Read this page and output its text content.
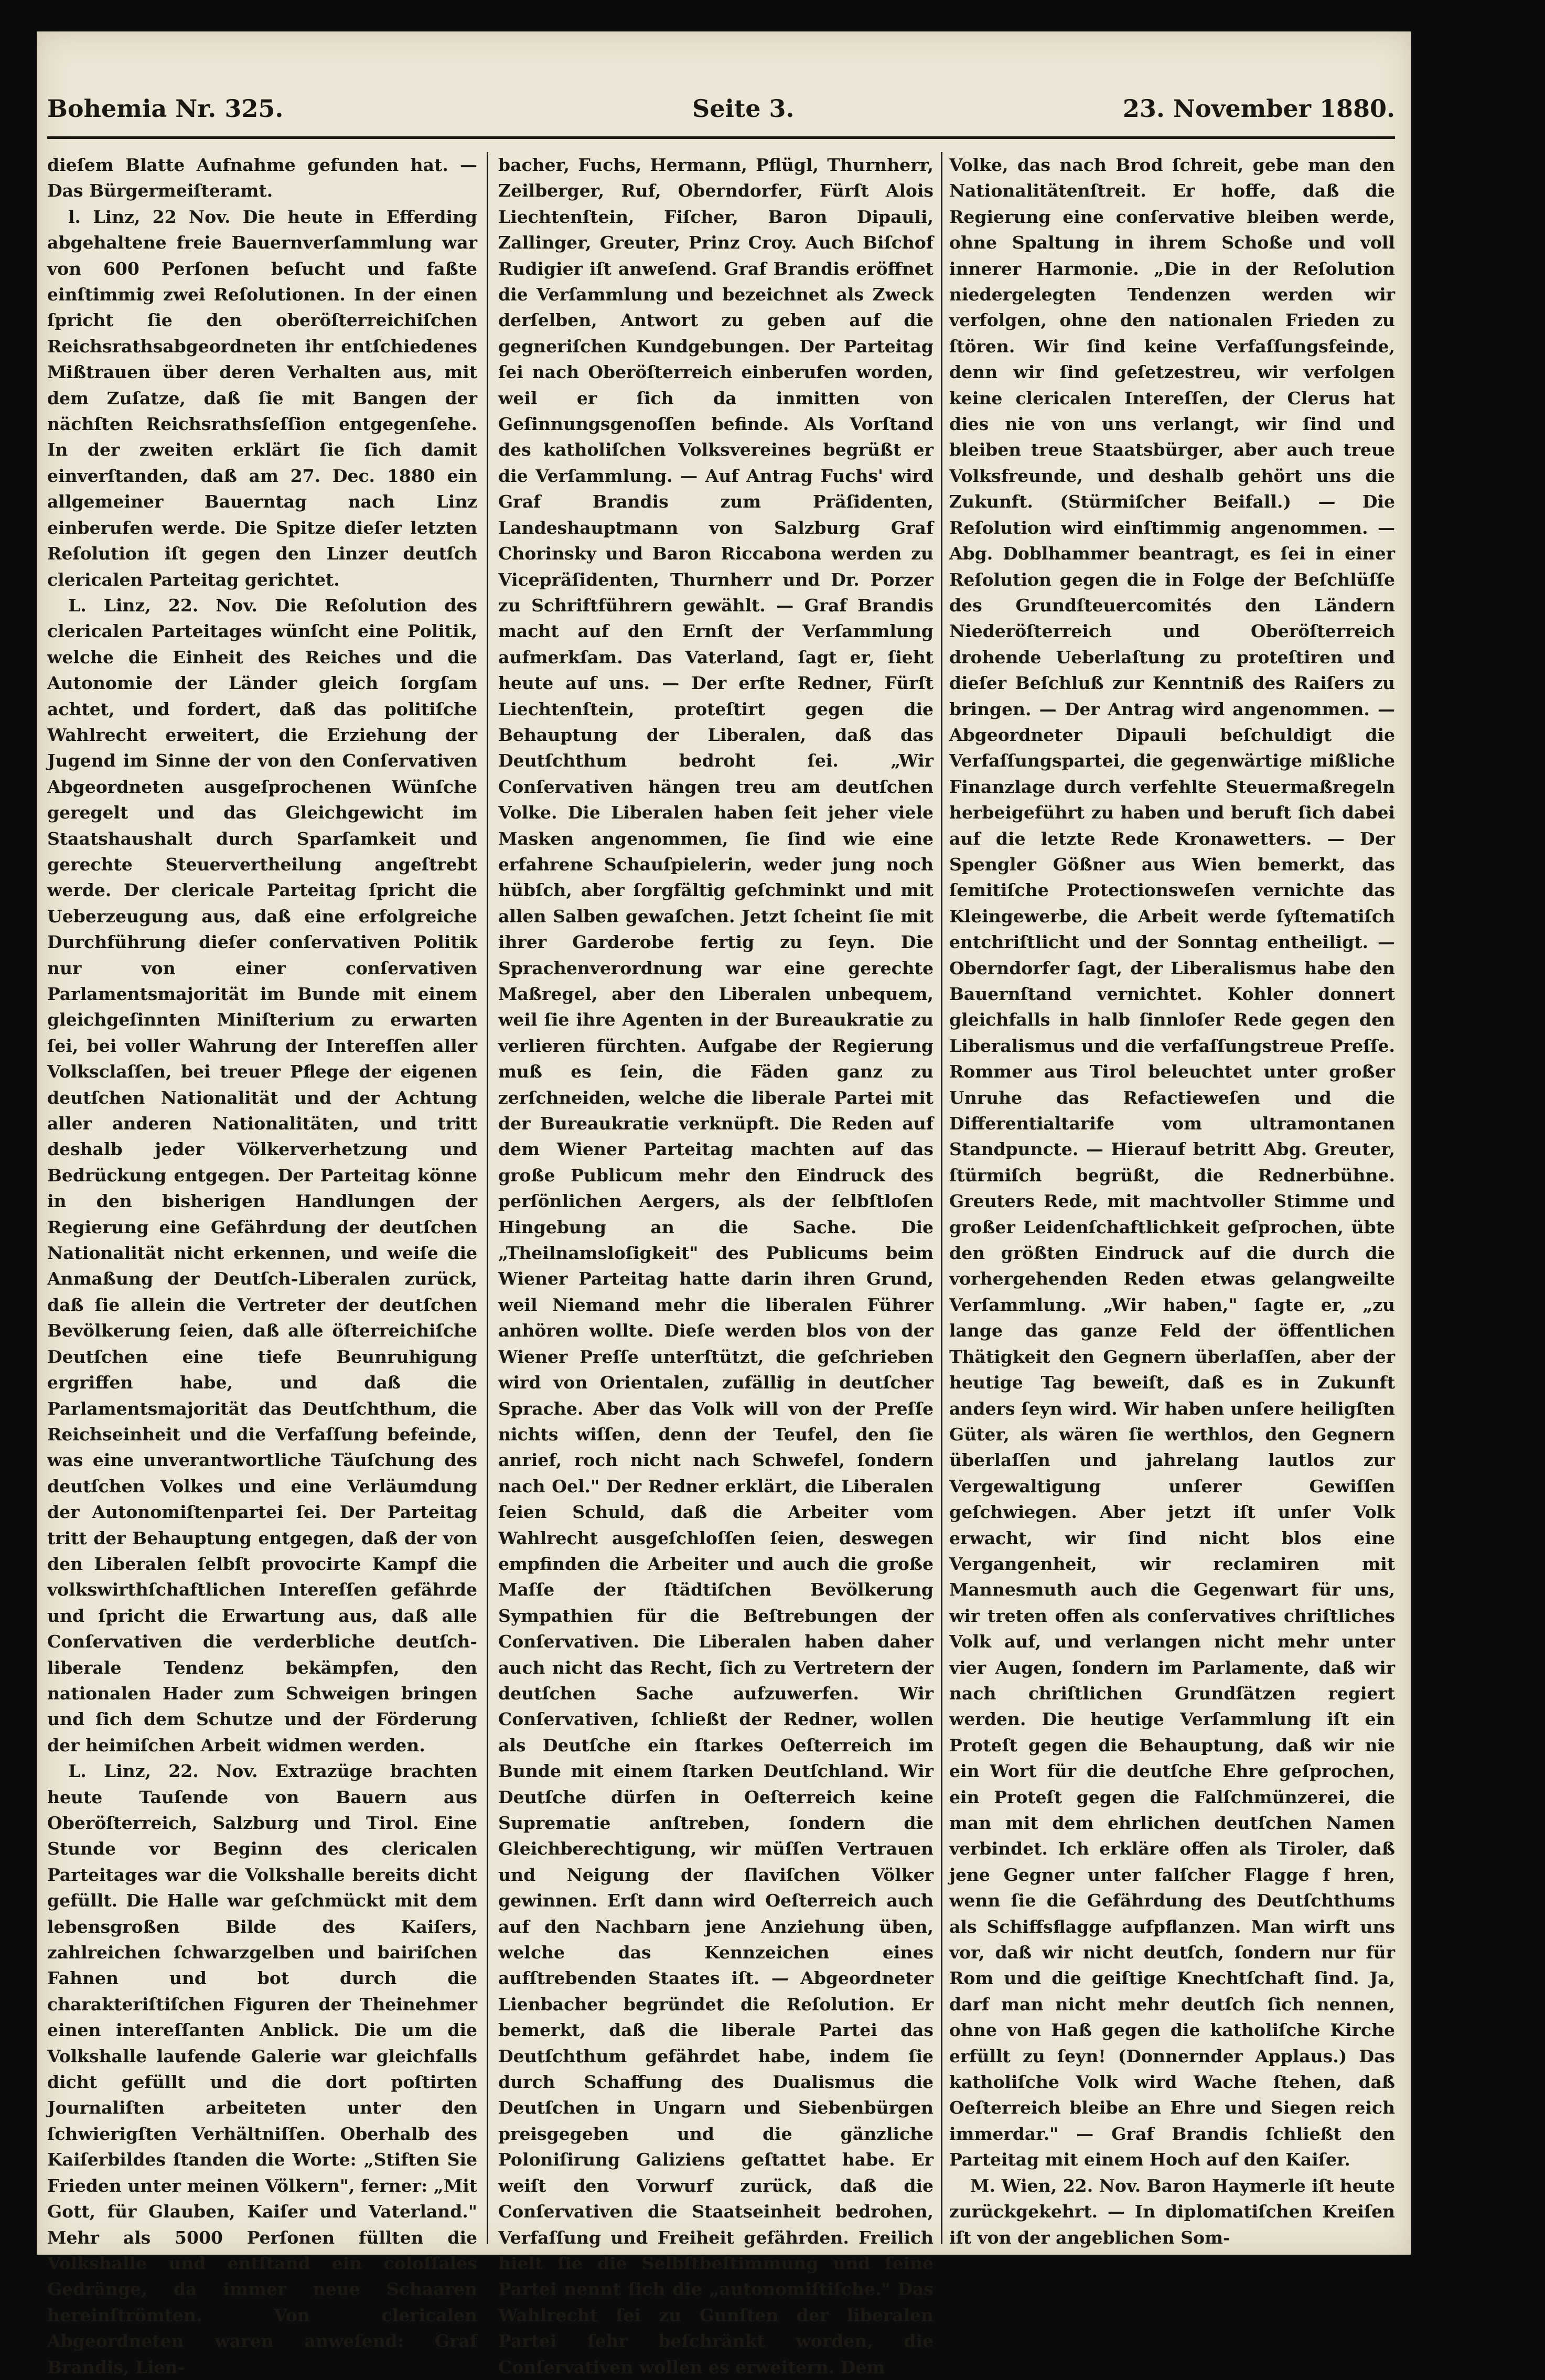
Bohemia Nr. 325.	Seite 3.	23. November 1880.

dieſem Blatte Aufnahme gefunden hat. — Das Bürgermeiſteramt.

l. Linz, 22 Nov. Die heute in Efferding abgehaltene freie Bauernverſammlung war von 600 Perſonen beſucht und faßte einſtimmig zwei Reſolutionen. In der einen ſpricht ſie den oberöſterreichiſchen Reichsrathsabgeordneten ihr entſchiedenes Mißtrauen über deren Verhalten aus, mit dem Zuſatze, daß ſie mit Bangen der nächſten Reichsrathsſeſſion entgegenſehe. In der zweiten erklärt ſie ſich damit einverſtanden, daß am 27. Dec. 1880 ein allgemeiner Bauerntag nach Linz einberufen werde. Die Spitze dieſer letzten Reſolution iſt gegen den Linzer deutſch clericalen Parteitag gerichtet.

L. Linz, 22. Nov. Die Reſolution des clericalen Parteitages wünſcht eine Politik, welche die Einheit des Reiches und die Autonomie der Länder gleich ſorgſam achtet, und fordert, daß das politiſche Wahlrecht erweitert, die Erziehung der Jugend im Sinne der von den Conſervativen Abgeordneten ausgeſprochenen Wünſche geregelt und das Gleichgewicht im Staatshaushalt durch Sparſamkeit und gerechte Steuervertheilung angeſtrebt werde. Der clericale Parteitag ſpricht die Ueberzeugung aus, daß eine erfolgreiche Durchführung dieſer conſervativen Politik nur von einer conſervativen Parlamentsmajorität im Bunde mit einem gleichgeſinnten Miniſterium zu erwarten ſei, bei voller Wahrung der Intereſſen aller Volksclaſſen, bei treuer Pflege der eigenen deutſchen Nationalität und der Achtung aller anderen Nationalitäten, und tritt deshalb jeder Völkerverhetzung und Bedrückung entgegen. Der Parteitag könne in den bisherigen Handlungen der Regierung eine Gefährdung der deutſchen Nationalität nicht erkennen, und weiſe die Anmaßung der Deutſch-Liberalen zurück, daß ſie allein die Vertreter der deutſchen Bevölkerung ſeien, daß alle öſterreichiſche Deutſchen eine tiefe Beunruhigung ergriffen habe, und daß die Parlamentsmajorität das Deutſchthum, die Reichseinheit und die Verfaſſung befeinde, was eine unverantwortliche Täuſchung des deutſchen Volkes und eine Verläumdung der Autonomiſtenpartei ſei. Der Parteitag tritt der Behauptung entgegen, daß der von den Liberalen ſelbſt provocirte Kampf die volkswirthſchaftlichen Intereſſen gefährde und ſpricht die Erwartung aus, daß alle Conſervativen die verderbliche deutſch-liberale Tendenz bekämpfen, den nationalen Hader zum Schweigen bringen und ſich dem Schutze und der Förderung der heimiſchen Arbeit widmen werden.

L. Linz, 22. Nov. Extrazüge brachten heute Tauſende von Bauern aus Oberöſterreich, Salzburg und Tirol. Eine Stunde vor Beginn des clericalen Parteitages war die Volkshalle bereits dicht gefüllt. Die Halle war geſchmückt mit dem lebensgroßen Bilde des Kaiſers, zahlreichen ſchwarzgelben und bairiſchen Fahnen und bot durch die charakteriſtiſchen Figuren der Theinehmer einen intereſſanten Anblick. Die um die Volkshalle laufende Galerie war gleichfalls dicht gefüllt und die dort poſtirten Journaliſten arbeiteten unter den ſchwierigſten Verhältniſſen. Oberhalb des Kaiſerbildes ſtanden die Worte: „Stiften Sie Frieden unter meinen Völkern", ferner: „Mit Gott, für Glauben, Kaiſer und Vaterland." Mehr als 5000 Perſonen füllten die Volkshalle und entſtand ein coloſſales Gedränge, da immer neue Schaaren hereinſtrömten. Von clericalen Abgeordneten waren anweſend: Graf Brandis, Lien-

bacher, Fuchs, Hermann, Pflügl, Thurnherr, Zeilberger, Ruf, Oberndorfer, Fürſt Alois Liechtenſtein, Fiſcher, Baron Dipauli, Zallinger, Greuter, Prinz Croy. Auch Biſchof Rudigier iſt anweſend. Graf Brandis eröffnet die Verſammlung und bezeichnet als Zweck derſelben, Antwort zu geben auf die gegneriſchen Kundgebungen. Der Parteitag ſei nach Oberöſterreich einberufen worden, weil er ſich da inmitten von Geſinnungsgenoſſen befinde. Als Vorſtand des katholiſchen Volksvereines begrüßt er die Verſammlung. — Auf Antrag Fuchs' wird Graf Brandis zum Präſidenten, Landeshauptmann von Salzburg Graf Chorinsky und Baron Riccabona werden zu Vicepräſidenten, Thurnherr und Dr. Porzer zu Schriftführern gewählt. — Graf Brandis macht auf den Ernſt der Verſammlung aufmerkſam. Das Vaterland, ſagt er, ſieht heute auf uns. — Der erſte Redner, Fürſt Liechtenſtein, proteſtirt gegen die Behauptung der Liberalen, daß das Deutſchthum bedroht ſei. „Wir Conſervativen hängen treu am deutſchen Volke. Die Liberalen haben ſeit jeher viele Masken angenommen, ſie ſind wie eine erfahrene Schauſpielerin, weder jung noch hübſch, aber ſorgfältig geſchminkt und mit allen Salben gewaſchen. Jetzt ſcheint ſie mit ihrer Garderobe fertig zu ſeyn. Die Sprachenverordnung war eine gerechte Maßregel, aber den Liberalen unbequem, weil ſie ihre Agenten in der Bureaukratie zu verlieren fürchten. Aufgabe der Regierung muß es ſein, die Fäden ganz zu zerſchneiden, welche die liberale Partei mit der Bureaukratie verknüpft. Die Reden auf dem Wiener Parteitag machten auf das große Publicum mehr den Eindruck des perſönlichen Aergers, als der ſelbſtloſen Hingebung an die Sache. Die „Theilnamsloſigkeit" des Publicums beim Wiener Parteitag hatte darin ihren Grund, weil Niemand mehr die liberalen Führer anhören wollte. Dieſe werden blos von der Wiener Preſſe unterſtützt, die geſchrieben wird von Orientalen, zufällig in deutſcher Sprache. Aber das Volk will von der Preſſe nichts wiſſen, denn der Teufel, den ſie anrief, roch nicht nach Schwefel, ſondern nach Oel." Der Redner erklärt, die Liberalen ſeien Schuld, daß die Arbeiter vom Wahlrecht ausgeſchloſſen ſeien, deswegen empfinden die Arbeiter und auch die große Maſſe der ſtädtiſchen Bevölkerung Sympathien für die Beſtrebungen der Conſervativen. Die Liberalen haben daher auch nicht das Recht, ſich zu Vertretern der deutſchen Sache aufzuwerfen. Wir Conſervativen, ſchließt der Redner, wollen als Deutſche ein ſtarkes Oeſterreich im Bunde mit einem ſtarken Deutſchland. Wir Deutſche dürfen in Oeſterreich keine Suprematie anſtreben, ſondern die Gleichberechtigung, wir müſſen Vertrauen und Neigung der ſlaviſchen Völker gewinnen. Erſt dann wird Oeſterreich auch auf den Nachbarn jene Anziehung üben, welche das Kennzeichen eines aufſtrebenden Staates iſt. — Abgeordneter Lienbacher begründet die Reſolution. Er bemerkt, daß die liberale Partei das Deutſchthum gefährdet habe, indem ſie durch Schaffung des Dualismus die Deutſchen in Ungarn und Siebenbürgen preisgegeben und die gänzliche Poloniſirung Galiziens geſtattet habe. Er weiſt den Vorwurf zurück, daß die Conſervativen die Staatseinheit bedrohen, Verfaſſung und Freiheit gefährden. Freilich hielt ſie die Selbſtbeſtimmung und ſeine Partei nennt ſich die „autonomiſtiſche." Das Wahlrecht ſei zu Gunſten der liberalen Partei ſehr beſchränkt worden, die Conſervativen wollen es erweitern. Dem

Volke, das nach Brod ſchreit, gebe man den Nationalitätenſtreit. Er hoffe, daß die Regierung eine conſervative bleiben werde, ohne Spaltung in ihrem Schoße und voll innerer Harmonie. „Die in der Reſolution niedergelegten Tendenzen werden wir verfolgen, ohne den nationalen Frieden zu ſtören. Wir ſind keine Verfaſſungsfeinde, denn wir ſind geſetzestreu, wir verfolgen keine clericalen Intereſſen, der Clerus hat dies nie von uns verlangt, wir ſind und bleiben treue Staatsbürger, aber auch treue Volksfreunde, und deshalb gehört uns die Zukunft. (Stürmiſcher Beifall.) — Die Reſolution wird einſtimmig angenommen. — Abg. Doblhammer beantragt, es ſei in einer Reſolution gegen die in Folge der Beſchlüſſe des Grundſteuercomités den Ländern Niederöſterreich und Oberöſterreich drohende Ueberlaſtung zu proteſtiren und dieſer Beſchluß zur Kenntniß des Raiſers zu bringen. — Der Antrag wird angenommen. — Abgeordneter Dipauli beſchuldigt die Verfaſſungspartei, die gegenwärtige mißliche Finanzlage durch verfehlte Steuermaßregeln herbeigeführt zu haben und beruft ſich dabei auf die letzte Rede Kronawetters. — Der Spengler Gößner aus Wien bemerkt, das ſemitiſche Protectionsweſen vernichte das Kleingewerbe, die Arbeit werde ſyſtematiſch entchriſtlicht und der Sonntag entheiligt. — Oberndorfer ſagt, der Liberalismus habe den Bauernſtand vernichtet. Kohler donnert gleichfalls in halb ſinnloſer Rede gegen den Liberalismus und die verfaſſungstreue Preſſe. Rommer aus Tirol beleuchtet unter großer Unruhe das Refactieweſen und die Differentialtarife vom ultramontanen Standpuncte. — Hierauf betritt Abg. Greuter, ſtürmiſch begrüßt, die Rednerbühne. Greuters Rede, mit machtvoller Stimme und großer Leidenſchaftlichkeit geſprochen, übte den größten Eindruck auf die durch die vorhergehenden Reden etwas gelangweilte Verſammlung. „Wir haben," ſagte er, „zu lange das ganze Feld der öffentlichen Thätigkeit den Gegnern überlaſſen, aber der heutige Tag beweiſt, daß es in Zukunft anders ſeyn wird. Wir haben unſere heiligſten Güter, als wären ſie werthlos, den Gegnern überlaſſen und jahrelang lautlos zur Vergewaltigung unſerer Gewiſſen geſchwiegen. Aber jetzt iſt unſer Volk erwacht, wir ſind nicht blos eine Vergangenheit, wir reclamiren mit Mannesmuth auch die Gegenwart für uns, wir treten offen als conſervatives chriſtliches Volk auf, und verlangen nicht mehr unter vier Augen, ſondern im Parlamente, daß wir nach chriſtlichen Grundſätzen regiert werden. Die heutige Verſammlung iſt ein Proteſt gegen die Behauptung, daß wir nie ein Wort für die deutſche Ehre geſprochen, ein Proteſt gegen die Falſchmünzerei, die man mit dem ehrlichen deutſchen Namen verbindet. Ich erkläre offen als Tiroler, daß jene Gegner unter falſcher Flagge f hren, wenn ſie die Gefährdung des Deutſchthums als Schiffsflagge aufpflanzen. Man wirft uns vor, daß wir nicht deutſch, ſondern nur für Rom und die geiſtige Knechtſchaft ſind. Ja, darf man nicht mehr deutſch ſich nennen, ohne von Haß gegen die katholiſche Kirche erfüllt zu ſeyn! (Donnernder Applaus.) Das katholiſche Volk wird Wache ſtehen, daß Oeſterreich bleibe an Ehre und Siegen reich immerdar." — Graf Brandis ſchließt den Parteitag mit einem Hoch auf den Kaiſer.

M. Wien, 22. Nov. Baron Haymerle iſt heute zurückgekehrt. — In diplomatiſchen Kreiſen iſt von der angeblichen Som-
